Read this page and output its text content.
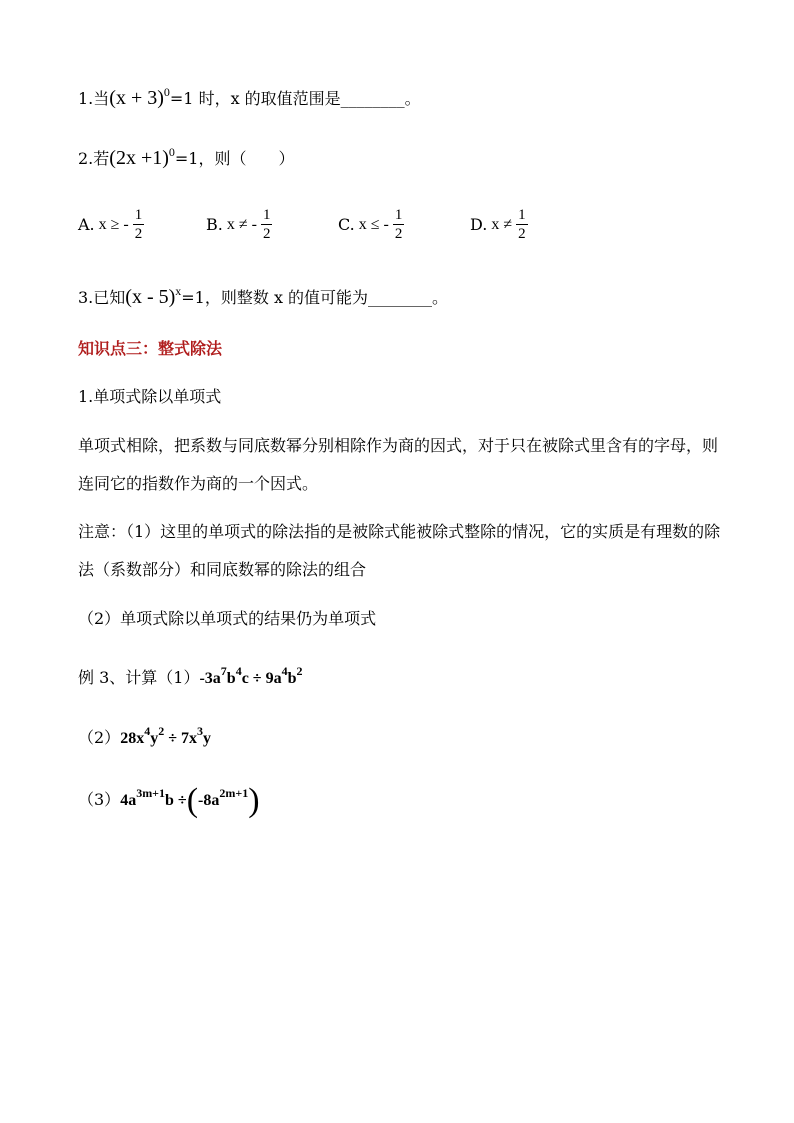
1.当$(x + 3)^0=1$ 时，x 的取值范围是________。
2.若$(2x +1)^0=1$，则（　　）
A. x ≥ - $\frac{1}{2}$	B. x ≠ - $\frac{1}{2}$	C. x ≤ - $\frac{1}{2}$	D. $x \ne \frac{1}{2}$
3.已知(x - 5)$^x$=1，则整数 x 的值可能为________。
知识点三：整式除法
1.单项式除以单项式
单项式相除，把系数与同底数幂分别相除作为商的因式，对于只在被除式里含有的字母，则连同它的指数作为商的一个因式。
注意：（1）这里的单项式的除法指的是被除式能被除式整除的情况，它的实质是有理数的除法（系数部分）和同底数幂的除法的组合
（2）单项式除以单项式的结果仍为单项式
例 3、计算$(1)-3a^7b^4c \div 9a^4b^2$
$(2)28x^4y^2 \div 7x^3y$
$(3)4a^{3m+1}b \div(-8a^{2m+1})$
